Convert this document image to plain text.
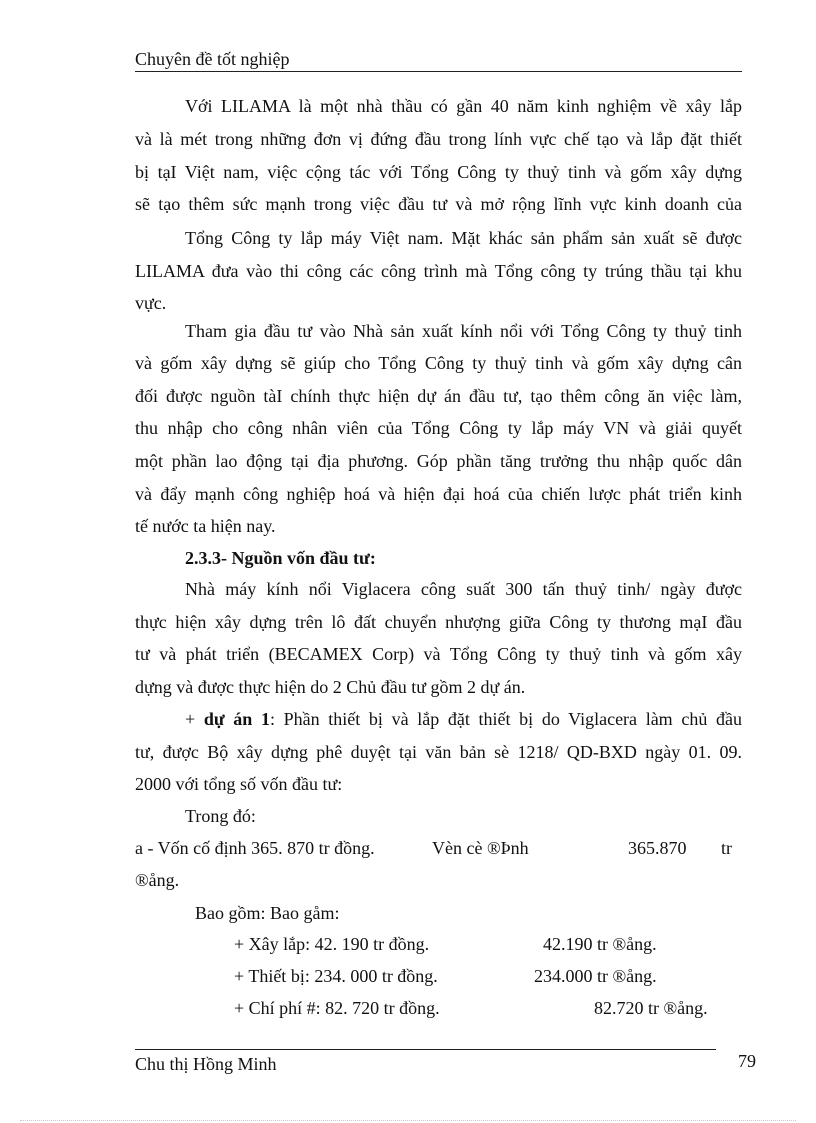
Chuyên đề tốt nghiệp
Với LILAMA là một nhà thầu có gần 40 năm kinh nghiệm về xây lắp
và là mét trong những đơn vị đứng đầu trong lính vực chế tạo và lắp đặt thiết
bị tạI Việt nam, việc cộng tác với Tổng Công ty thuỷ tinh và gốm xây dựng
sẽ tạo thêm sức mạnh trong việc đầu tư và mở rộng lĩnh vực kinh doanh của
Tổng Công ty lắp máy Việt nam. Mặt khác sản phẩm sản xuất sẽ được
LILAMA đưa vào thi công các công trình mà Tổng công ty trúng thầu tại khu
vực.
Tham gia đầu tư vào Nhà sản xuất kính nổi với Tổng Công ty thuỷ tinh
và gốm xây dựng sẽ giúp cho Tổng Công ty thuỷ tinh và gốm xây dựng cân
đối được nguồn tàI chính thực hiện dự án đầu tư, tạo thêm công ăn việc làm,
thu nhập cho công nhân viên của Tổng Công ty lắp máy VN và giải quyết
một phần lao động tại địa phương. Góp phần tăng trưởng thu nhập quốc dân
và đẩy mạnh công nghiệp hoá và hiện đại hoá của chiến lược phát triển kinh
tế nước ta hiện nay.
2.3.3- Nguồn vốn đầu tư:
Nhà máy kính nổi Viglacera công suất 300 tấn thuỷ tinh/ ngày được
thực hiện xây dựng trên lô đất chuyển nhượng giữa Công ty thương mạI đầu
tư và phát triển (BECAMEX Corp) và Tổng Công ty thuỷ tinh và gốm xây
dựng và được thực hiện do 2 Chủ đầu tư gồm 2 dự án.
+ dự án 1: Phần thiết bị và lắp đặt thiết bị do Viglacera làm chủ đầu
tư, được Bộ xây dựng phê duyệt tại văn bản sè 1218/ QD-BXD ngày 01. 09.
2000 với tổng số vốn đầu tư:
Trong đó:
a - Vốn cố định 365. 870 tr đồng.	Vèn cè ®Þnh	365.870 tr
®ång.
Bao gồm: Bao gåm:
+ Xây lắp: 42. 190 tr đồng.	42.190 tr ®ång.
+ Thiết bị: 234. 000 tr đồng.	234.000 tr ®ång.
+ Chí phí #: 82. 720 tr đồng.	82.720 tr ®ång.
Chu thị Hồng Minh	79
